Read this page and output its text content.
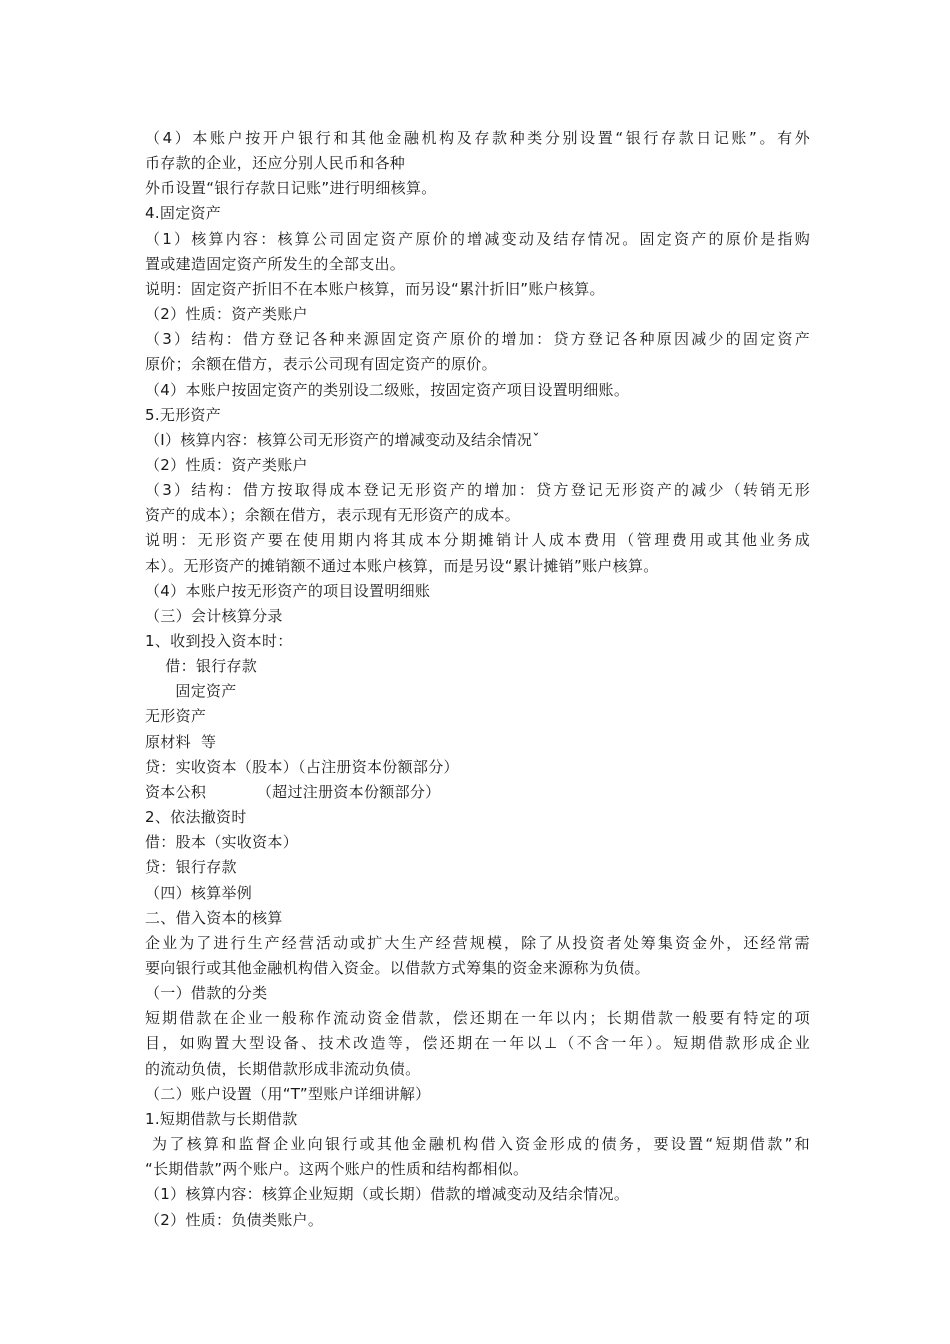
（4）本账户按开户银行和其他金融机构及存款种类分别设置“银行存款日记账”。有外
币存款的企业，还应分别人民币和各种
外币设置“银行存款日记账”进行明细核算。
4.固定资产
（1）核算内容：核算公司固定资产原价的增减变动及结存情况。固定资产的原价是指购
置或建造固定资产所发生的全部支出。
说明：固定资产折旧不在本账户核算，而另设“累汁折旧”账户核算。
（2）性质：资产类账户
（3）结构：借方登记各种来源固定资产原价的增加：贷方登记各种原因减少的固定资产
原价；余额在借方，表示公司现有固定资产的原价。
（4）本账户按固定资产的类别设二级账，按固定资产项目设置明细账。
5.无形资产
（I）核算内容：核算公司无形资产的增减变动及结余情况ˇ
（2）性质：资产类账户
（3）结构：借方按取得成本登记无形资产的增加：贷方登记无形资产的减少（转销无形
资产的成本）；余额在借方，表示现有无形资产的成本。
说明：无形资产要在使用期内将其成本分期摊销计人成本费用（管理费用或其他业务成
本）。无形资产的摊销额不通过本账户核算，而是另设“累计摊销”账户核算。
（4）本账户按无形资产的项目设置明细账
（三）会计核算分录
1、收到投入资本时：
借：银行存款
固定资产
无形资产
原材料  等
贷：实收资本（股本）（占注册资本份额部分）
资本公积          （超过注册资本份额部分）
2、依法撤资时
借：股本（实收资本）
贷：银行存款
（四）核算举例
二、借入资本的核算
企业为了进行生产经营活动或扩大生产经营规模，除了从投资者处筹集资金外，还经常需
要向银行或其他金融机构借入资金。以借款方式筹集的资金来源称为负债。
（一）借款的分类
短期借款在企业一般称作流动资金借款，偿还期在一年以内；长期借款一般要有特定的项
目，如购置大型设备、技术改造等，偿还期在一年以⊥（不含一年）。短期借款形成企业
的流动负债，长期借款形成非流动负债。
（二）账户设置（用“T”型账户详细讲解）
1.短期借款与长期借款
为了核算和监督企业向银行或其他金融机构借入资金形成的债务，要设置“短期借款”和
“长期借款”两个账户。这两个账户的性质和结构都相似。
（1）核算内容：核算企业短期（或长期）借款的增减变动及结余情况。
（2）性质：负债类账户。
